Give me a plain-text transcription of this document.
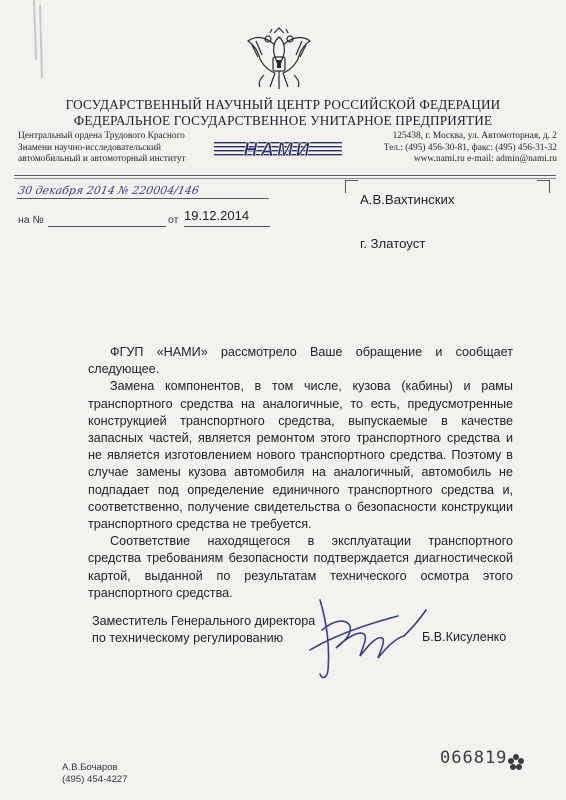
ГОСУДАРСТВЕННЫЙ НАУЧНЫЙ ЦЕНТР РОССИЙСКОЙ ФЕДЕРАЦИИ
ФЕДЕРАЛЬНОЕ ГОСУДАРСТВЕННОЕ УНИТАРНОЕ ПРЕДПРИЯТИЕ
Центральный ордена Трудового Красного
Знамени научно-исследовательский
автомобильный и автомоторный институт	НАМИ
125438, г. Москва, ул. Автомоторная, д. 2
Тел.: (495) 456-30-81, факс: (495) 456-31-32
www.nami.ru e-mail: admin@nami.ru
30 декабря 2014 № 220004/146
на №	от 19.12.2014
А.В.Вахтинских
г. Златоуст

ФГУП «НАМИ» рассмотрело Ваше обращение и сообщает следующее.

Замена компонентов, в том числе, кузова (кабины) и рамы транспортного средства на аналогичные, то есть, предусмотренные конструкцией транспортного средства, выпускаемые в качестве запасных частей, является ремонтом этого транспортного средства и не является изготовлением нового транспортного средства. Поэтому в случае замены кузова автомобиля на аналогичный, автомобиль не подпадает под определение единичного транспортного средства и, соответственно, получение свидетельства о безопасности конструкции транспортного средства не требуется.

Соответствие находящегося в эксплуатации транспортного средства требованиям безопасности подтверждается диагностической картой, выданной по результатам технического осмотра этого транспортного средства.

Заместитель Генерального директора
по техническому регулированию	Б.В.Кисуленко
А.В.Бочаров
(495) 454-4227
066819
